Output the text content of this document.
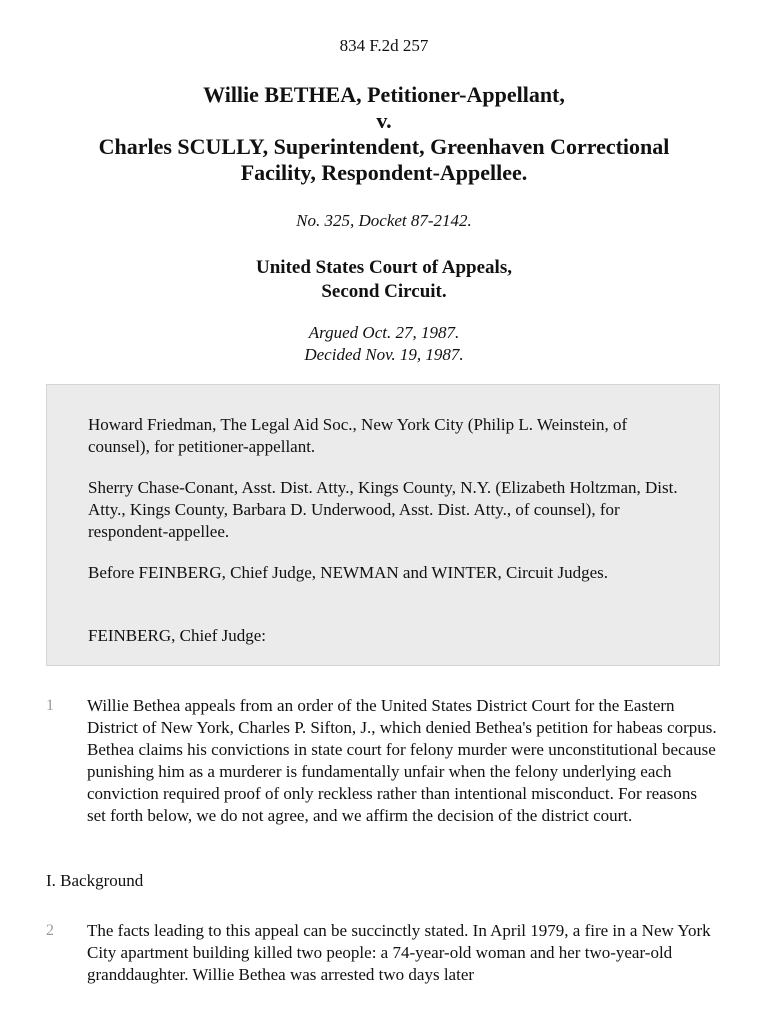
834 F.2d 257
Willie BETHEA, Petitioner-Appellant,
v.
Charles SCULLY, Superintendent, Greenhaven Correctional
Facility, Respondent-Appellee.
No. 325, Docket 87-2142.
United States Court of Appeals,
Second Circuit.
Argued Oct. 27, 1987.
Decided Nov. 19, 1987.

Howard Friedman, The Legal Aid Soc., New York City (Philip L. Weinstein, of counsel), for petitioner-appellant.

Sherry Chase-Conant, Asst. Dist. Atty., Kings County, N.Y. (Elizabeth Holtzman, Dist. Atty., Kings County, Barbara D. Underwood, Asst. Dist. Atty., of counsel), for respondent-appellee.

Before FEINBERG, Chief Judge, NEWMAN and WINTER, Circuit Judges.

FEINBERG, Chief Judge:

1 Willie Bethea appeals from an order of the United States District Court for the Eastern District of New York, Charles P. Sifton, J., which denied Bethea's petition for habeas corpus. Bethea claims his convictions in state court for felony murder were unconstitutional because punishing him as a murderer is fundamentally unfair when the felony underlying each conviction required proof of only reckless rather than intentional misconduct. For reasons set forth below, we do not agree, and we affirm the decision of the district court.

I. Background
2 The facts leading to this appeal can be succinctly stated. In April 1979, a fire in a New York City apartment building killed two people: a 74-year-old woman and her two-year-old granddaughter. Willie Bethea was arrested two days later
